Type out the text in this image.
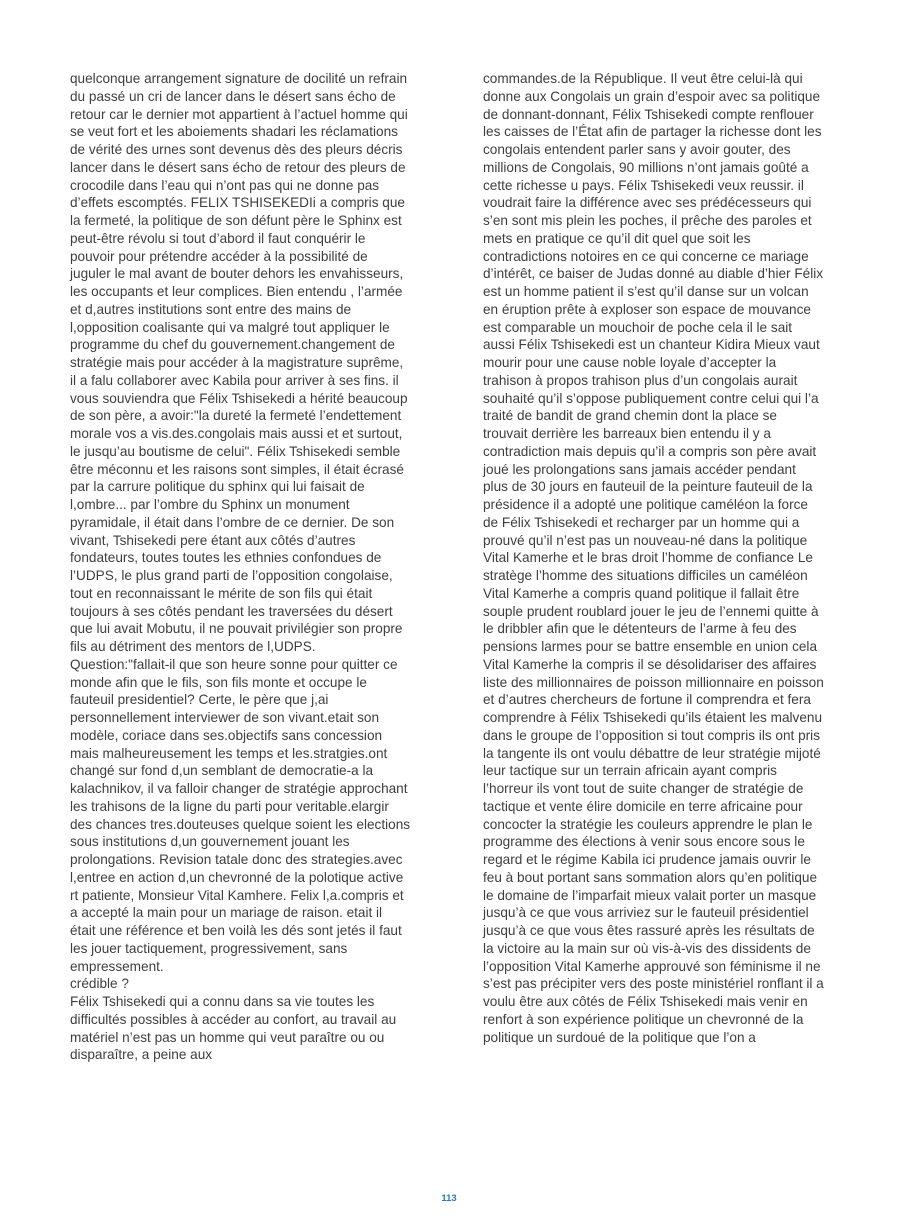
quelconque arrangement signature de docilité un refrain du passé un cri de lancer dans le désert sans écho de retour car le dernier mot appartient à l’actuel homme qui se veut fort et les aboiements shadari les réclamations de vérité des urnes sont devenus dès des pleurs décris lancer dans le désert sans écho de retour des pleurs de crocodile dans l’eau qui n’ont pas qui ne donne pas d’effets escomptés. FELIX TSHISEKEDIi a compris que la fermeté, la politique de son défunt père le Sphinx est peut-être révolu si tout d’abord il faut conquérir le pouvoir pour prétendre accéder à la possibilité de juguler le mal avant de bouter dehors les envahisseurs, les occupants et leur complices. Bien entendu , l’armée et d,autres institutions sont entre des mains de l,opposition coalisante qui va malgré tout appliquer le programme du chef du gouvernement.changement de stratégie mais pour accéder à la magistrature suprême, il a falu collaborer avec Kabila pour arriver à ses fins. il vous souviendra que Félix Tshisekedi a hérité beaucoup de son père, a avoir:"la dureté la fermeté l’endettement morale vos a vis.des.congolais mais aussi et et surtout, le jusqu’au boutisme de celui". Félix Tshisekedi semble être méconnu et les raisons sont simples, il était écrasé par la carrure politique du sphinx qui lui faisait de l,ombre... par l’ombre du Sphinx un monument pyramidale, il était dans l’ombre de ce dernier. De son vivant, Tshisekedi pere étant aux côtés d’autres fondateurs, toutes toutes les ethnies confondues de l’UDPS, le plus grand parti de l’opposition congolaise, tout en reconnaissant le mérite de son fils qui était toujours à ses côtés pendant les traversées du désert que lui avait Mobutu, il ne pouvait privilégier son propre fils au détriment des mentors de l,UDPS.

Question:"fallait-il que son heure sonne pour quitter ce monde afin que le fils, son fils monte et occupe le fauteuil presidentiel? Certe, le père que j,ai personnellement interviewer de son vivant.etait son modèle, coriace dans ses.objectifs sans concession mais malheureusement les temps et les.stratgies.ont changé sur fond d,un semblant de democratie-a la kalachnikov, il va falloir changer de stratégie approchant les trahisons de la ligne du parti pour veritable.elargir des chances tres.douteuses quelque soient les elections sous institutions d,un gouvernement jouant les prolongations. Revision tatale donc des strategies.avec l,entree en action d,un chevronné de la polotique active rt patiente, Monsieur Vital Kamhere. Felix l,a.compris et a accepté la main pour un mariage de raison. etait il était une référence et ben voilà les dés sont jetés il faut les jouer tactiquement, progressivement, sans empressement.

crédible ?

Félix Tshisekedi qui a connu dans sa vie toutes les difficultés possibles à accéder au confort, au travail au matériel n’est pas un homme qui veut paraître ou ou disparaître, a peine aux

commandes.de la République. Il veut être celui-là qui donne aux Congolais un grain d’espoir avec sa politique de donnant-donnant, Félix Tshisekedi compte renflouer les caisses de l’État afin de partager la richesse dont les congolais entendent parler sans y avoir gouter, des millions de Congolais, 90 millions n’ont jamais goûté a cette richesse u pays. Félix Tshisekedi veux reussir. il voudrait faire la différence avec ses prédécesseurs qui s’en sont mis plein les poches, il prêche des paroles et mets en pratique ce qu’il dit quel que soit les contradictions notoires en ce qui concerne ce mariage d’intérêt, ce baiser de Judas donné au diable d’hier Félix est un homme patient il s’est qu’il danse sur un volcan en éruption prête à exploser son espace de mouvance est comparable un mouchoir de poche cela il le sait aussi Félix Tshisekedi est un chanteur Kidira Mieux vaut mourir pour une cause noble loyale d’accepter la trahison à propos trahison plus d’un congolais aurait souhaité qu’il s’oppose publiquement contre celui qui l’a traité de bandit de grand chemin dont la place se trouvait derrière les barreaux bien entendu il y a contradiction mais depuis qu’il a compris son père avait joué les prolongations sans jamais accéder pendant plus de 30 jours en fauteuil de la peinture fauteuil de la présidence il a adopté une politique caméléon la force de Félix Tshisekedi et recharger par un homme qui a prouvé qu’il n’est pas un nouveau-né dans la politique Vital Kamerhe et le bras droit l’homme de confiance Le stratège l’homme des situations difficiles un caméléon Vital Kamerhe a compris quand politique il fallait être souple prudent roublard jouer le jeu de l’ennemi quitte à le dribbler afin que le détenteurs de l’arme à feu des pensions larmes pour se battre ensemble en union cela Vital Kamerhe la compris il se désolidariser des affaires liste des millionnaires de poisson millionnaire en poisson et d’autres chercheurs de fortune il comprendra et fera comprendre à Félix Tshisekedi qu’ils étaient les malvenu dans le groupe de l’opposition si tout compris ils ont pris la tangente ils ont voulu débattre de leur stratégie mijoté leur tactique sur un terrain africain ayant compris l’horreur ils vont tout de suite changer de stratégie de tactique et vente élire domicile en terre africaine pour concocter la stratégie les couleurs apprendre le plan le programme des élections à venir sous encore sous le regard et le régime Kabila ici prudence jamais ouvrir le feu à bout portant sans sommation alors qu’en politique le domaine de l’imparfait mieux valait porter un masque jusqu’à ce que vous arriviez sur le fauteuil présidentiel jusqu’à ce que vous êtes rassuré après les résultats de la victoire au la main sur où vis-à-vis des dissidents de l’opposition Vital Kamerhe approuvé son féminisme il ne s’est pas précipiter vers des poste ministériel ronflant il a voulu être aux côtés de Félix Tshisekedi mais venir en renfort à son expérience politique un chevronné de la politique un surdoué de la politique que l’on a

113
